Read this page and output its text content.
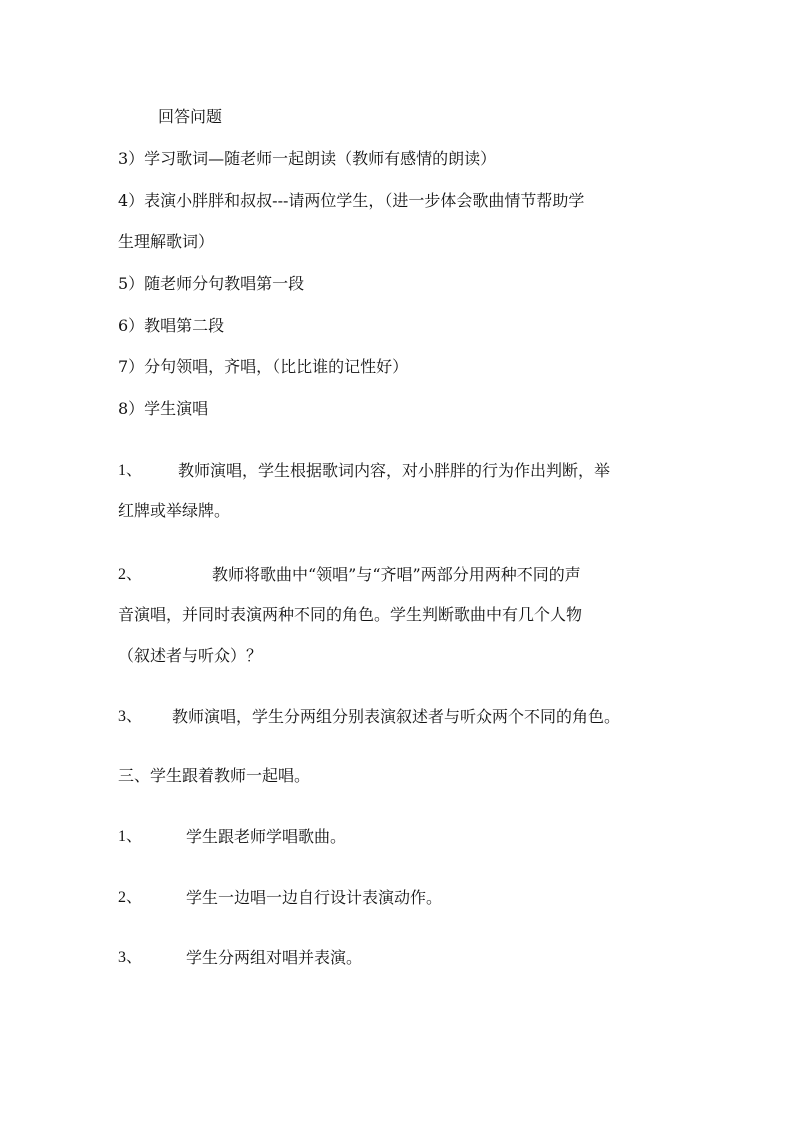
回答问题
3）学习歌词—随老师一起朗读（教师有感情的朗读）
4）表演小胖胖和叔叔---请两位学生，（进一步体会歌曲情节帮助学
生理解歌词）
5）随老师分句教唱第一段
6）教唱第二段
7）分句领唱，齐唱，（比比谁的记性好）
8）学生演唱
1、 教师演唱，学生根据歌词内容，对小胖胖的行为作出判断，举
红牌或举绿牌。
2、	教师将歌曲中“领唱”与“齐唱”两部分用两种不同的声
音演唱，并同时表演两种不同的角色。学生判断歌曲中有几个人物
（叙述者与听众）？
3、 教师演唱，学生分两组分别表演叙述者与听众两个不同的角色。
三、学生跟着教师一起唱。
1、	学生跟老师学唱歌曲。
2、	学生一边唱一边自行设计表演动作。
3、	学生分两组对唱并表演。
